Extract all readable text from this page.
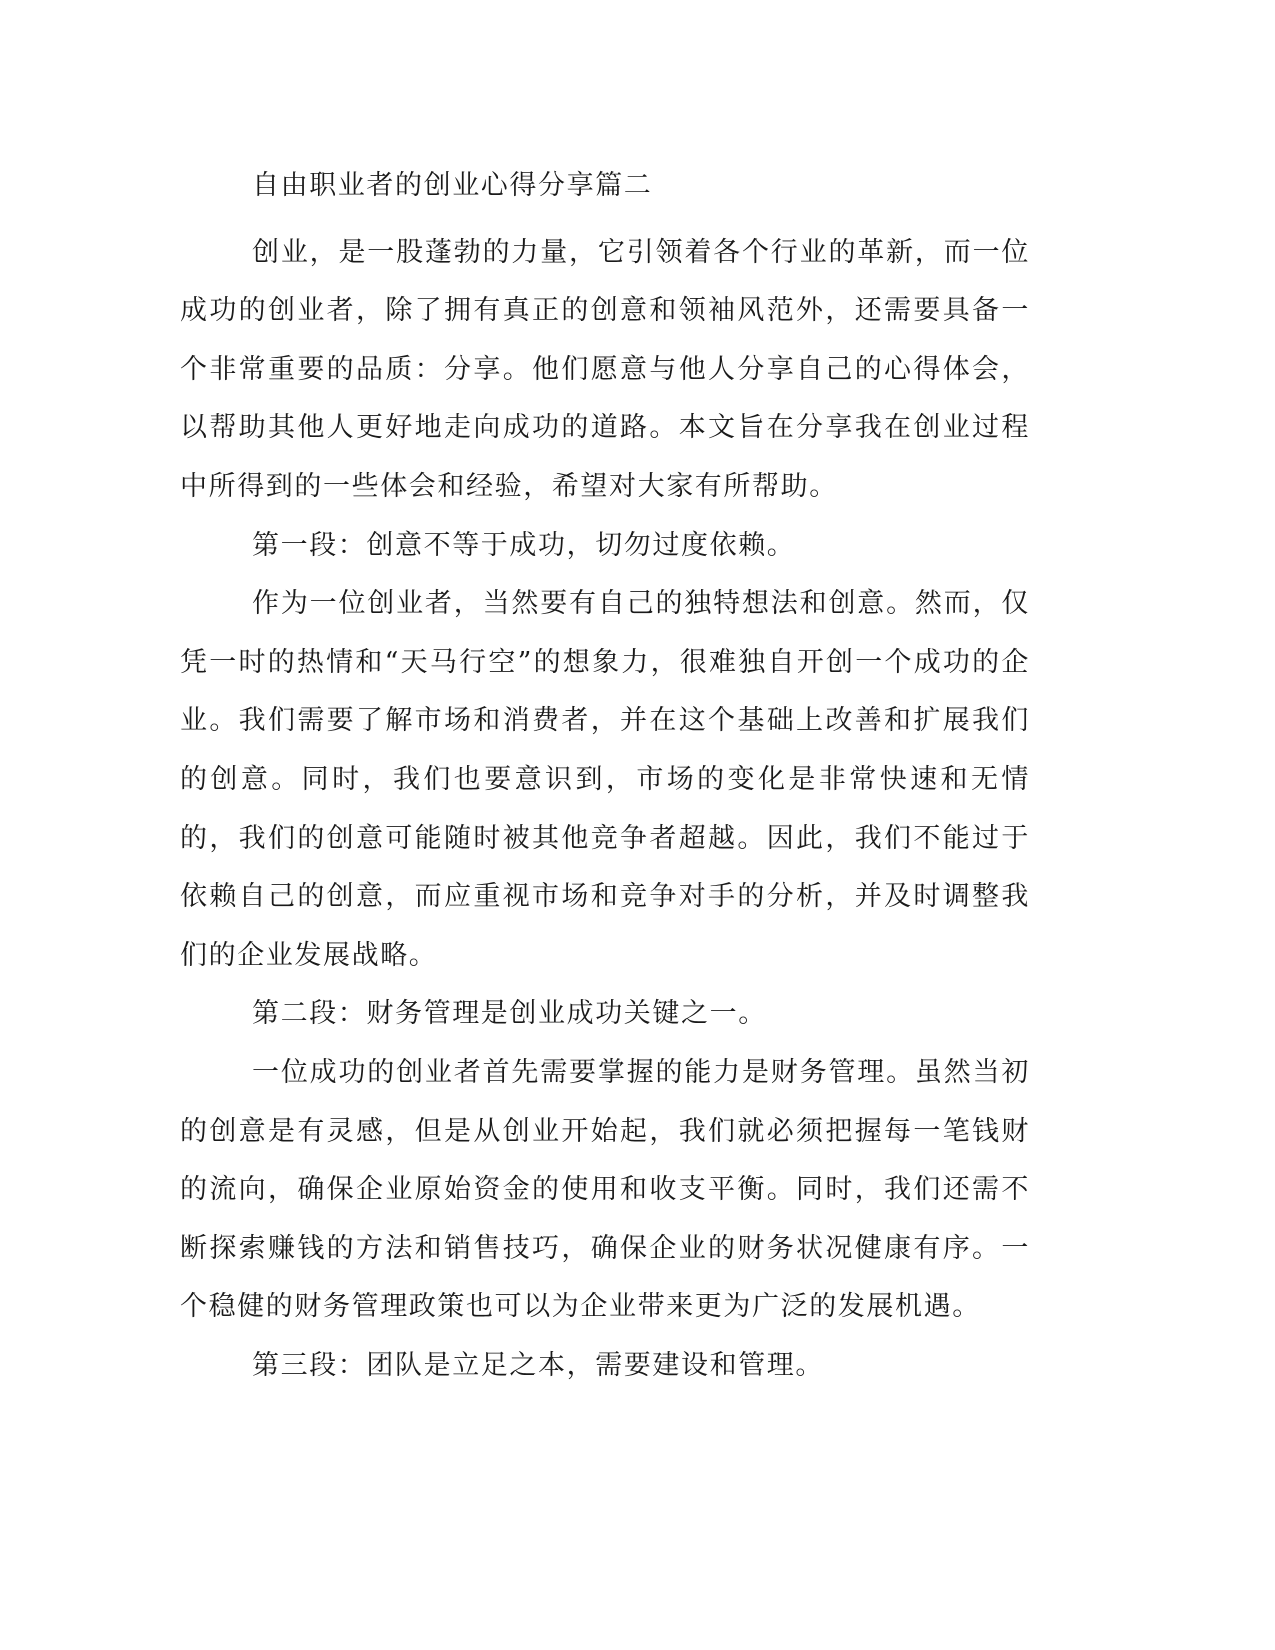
自由职业者的创业心得分享篇二

创业，是一股蓬勃的力量，它引领着各个行业的革新，而一位成功的创业者，除了拥有真正的创意和领袖风范外，还需要具备一个非常重要的品质：分享。他们愿意与他人分享自己的心得体会，以帮助其他人更好地走向成功的道路。本文旨在分享我在创业过程中所得到的一些体会和经验，希望对大家有所帮助。

第一段：创意不等于成功，切勿过度依赖。

作为一位创业者，当然要有自己的独特想法和创意。然而，仅凭一时的热情和“天马行空”的想象力，很难独自开创一个成功的企业。我们需要了解市场和消费者，并在这个基础上改善和扩展我们的创意。同时，我们也要意识到，市场的变化是非常快速和无情的，我们的创意可能随时被其他竞争者超越。因此，我们不能过于依赖自己的创意，而应重视市场和竞争对手的分析，并及时调整我们的企业发展战略。

第二段：财务管理是创业成功关键之一。

一位成功的创业者首先需要掌握的能力是财务管理。虽然当初的创意是有灵感，但是从创业开始起，我们就必须把握每一笔钱财的流向，确保企业原始资金的使用和收支平衡。同时，我们还需不断探索赚钱的方法和销售技巧，确保企业的财务状况健康有序。一个稳健的财务管理政策也可以为企业带来更为广泛的发展机遇。

第三段：团队是立足之本，需要建设和管理。
